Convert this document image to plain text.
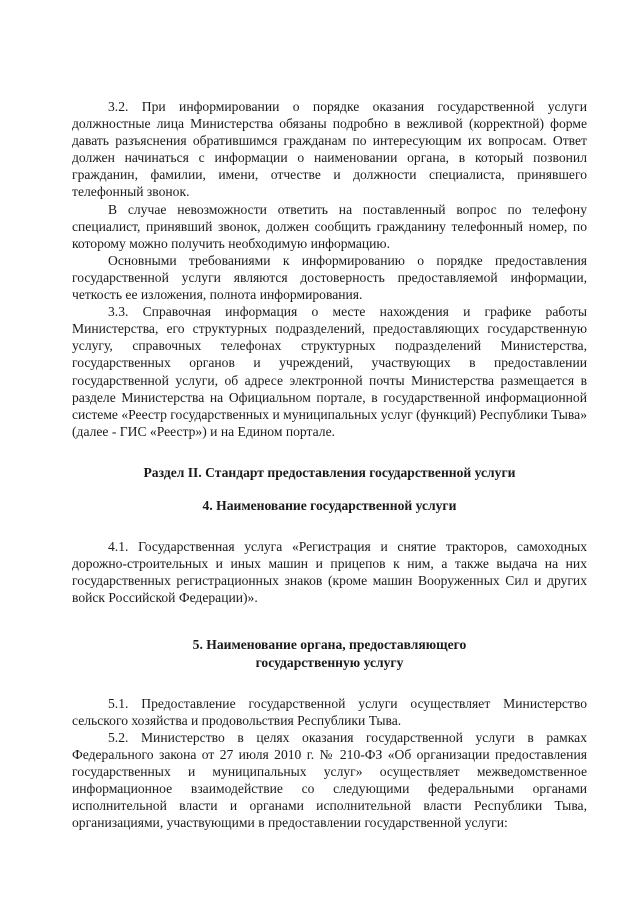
3.2. При информировании о порядке оказания государственной услуги должностные лица Министерства обязаны подробно в вежливой (корректной) форме давать разъяснения обратившимся гражданам по интересующим их вопросам. Ответ должен начинаться с информации о наименовании органа, в который позвонил гражданин, фамилии, имени, отчестве и должности специалиста, принявшего телефонный звонок.

В случае невозможности ответить на поставленный вопрос по телефону специалист, принявший звонок, должен сообщить гражданину телефонный номер, по которому можно получить необходимую информацию.

Основными требованиями к информированию о порядке предоставления государственной услуги являются достоверность предоставляемой информации, четкость ее изложения, полнота информирования.

3.3. Справочная информация о месте нахождения и графике работы Министерства, его структурных подразделений, предоставляющих государственную услугу, справочных телефонах структурных подразделений Министерства, государственных органов и учреждений, участвующих в предоставлении государственной услуги, об адресе электронной почты Министерства размещается в разделе Министерства на Официальном портале, в государственной информационной системе «Реестр государственных и муниципальных услуг (функций) Республики Тыва» (далее - ГИС «Реестр») и на Едином портале.

Раздел II. Стандарт предоставления государственной услуги
4. Наименование государственной услуги

4.1. Государственная услуга «Регистрация и снятие тракторов, самоходных дорожно-строительных и иных машин и прицепов к ним, а также выдача на них государственных регистрационных знаков (кроме машин Вооруженных Сил и других войск Российской Федерации)».

5. Наименование органа, предоставляющего
государственную услугу

5.1. Предоставление государственной услуги осуществляет Министерство сельского хозяйства и продовольствия Республики Тыва.

5.2. Министерство в целях оказания государственной услуги в рамках Федерального закона от 27 июля 2010 г. № 210-ФЗ «Об организации предоставления государственных и муниципальных услуг» осуществляет межведомственное информационное взаимодействие со следующими федеральными органами исполнительной власти и органами исполнительной власти Республики Тыва, организациями, участвующими в предоставлении государственной услуги:
